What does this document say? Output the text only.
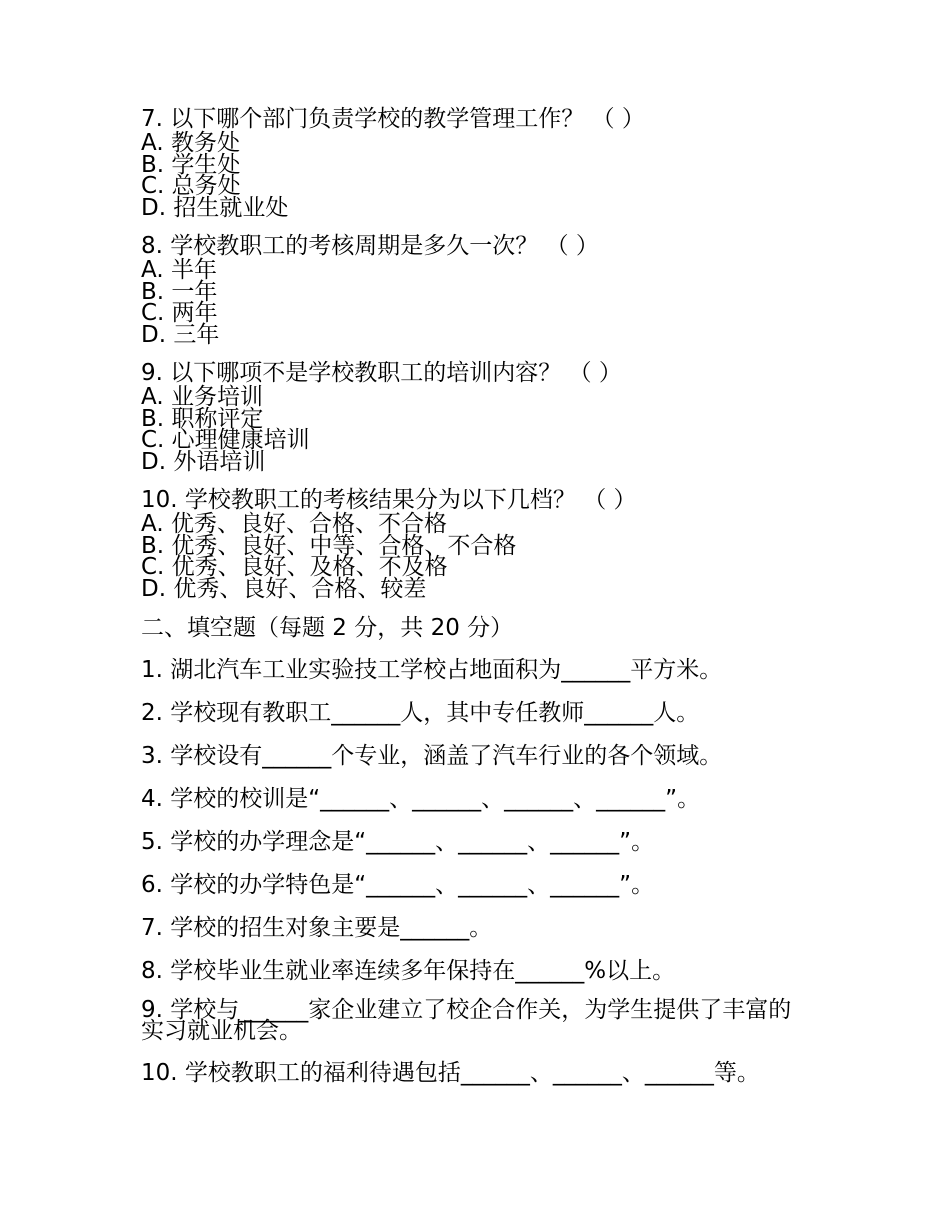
7. 以下哪个部门负责学校的教学管理工作？ （ ）
A. 教务处
B. 学生处
C. 总务处
D. 招生就业处
8. 学校教职工的考核周期是多久一次？ （ ）
A. 半年
B. 一年
C. 两年
D. 三年
9. 以下哪项不是学校教职工的培训内容？ （ ）
A. 业务培训
B. 职称评定
C. 心理健康培训
D. 外语培训
10. 学校教职工的考核结果分为以下几档？ （ ）
A. 优秀、良好、合格、不合格
B. 优秀、良好、中等、合格、不合格
C. 优秀、良好、及格、不及格
D. 优秀、良好、合格、较差
二、填空题（每题 2 分，共 20 分）
1. 湖北汽车工业实验技工学校占地面积为______平方米。
2. 学校现有教职工______人，其中专任教师______人。
3. 学校设有______个专业，涵盖了汽车行业的各个领域。
4. 学校的校训是“______、______、______、______”。
5. 学校的办学理念是“______、______、______”。
6. 学校的办学特色是“______、______、______”。
7. 学校的招生对象主要是______。
8. 学校毕业生就业率连续多年保持在______%以上。
9. 学校与______家企业建立了校企合作关，为学生提供了丰富的实习就业机会。
10. 学校教职工的福利待遇包括______、______、______等。
